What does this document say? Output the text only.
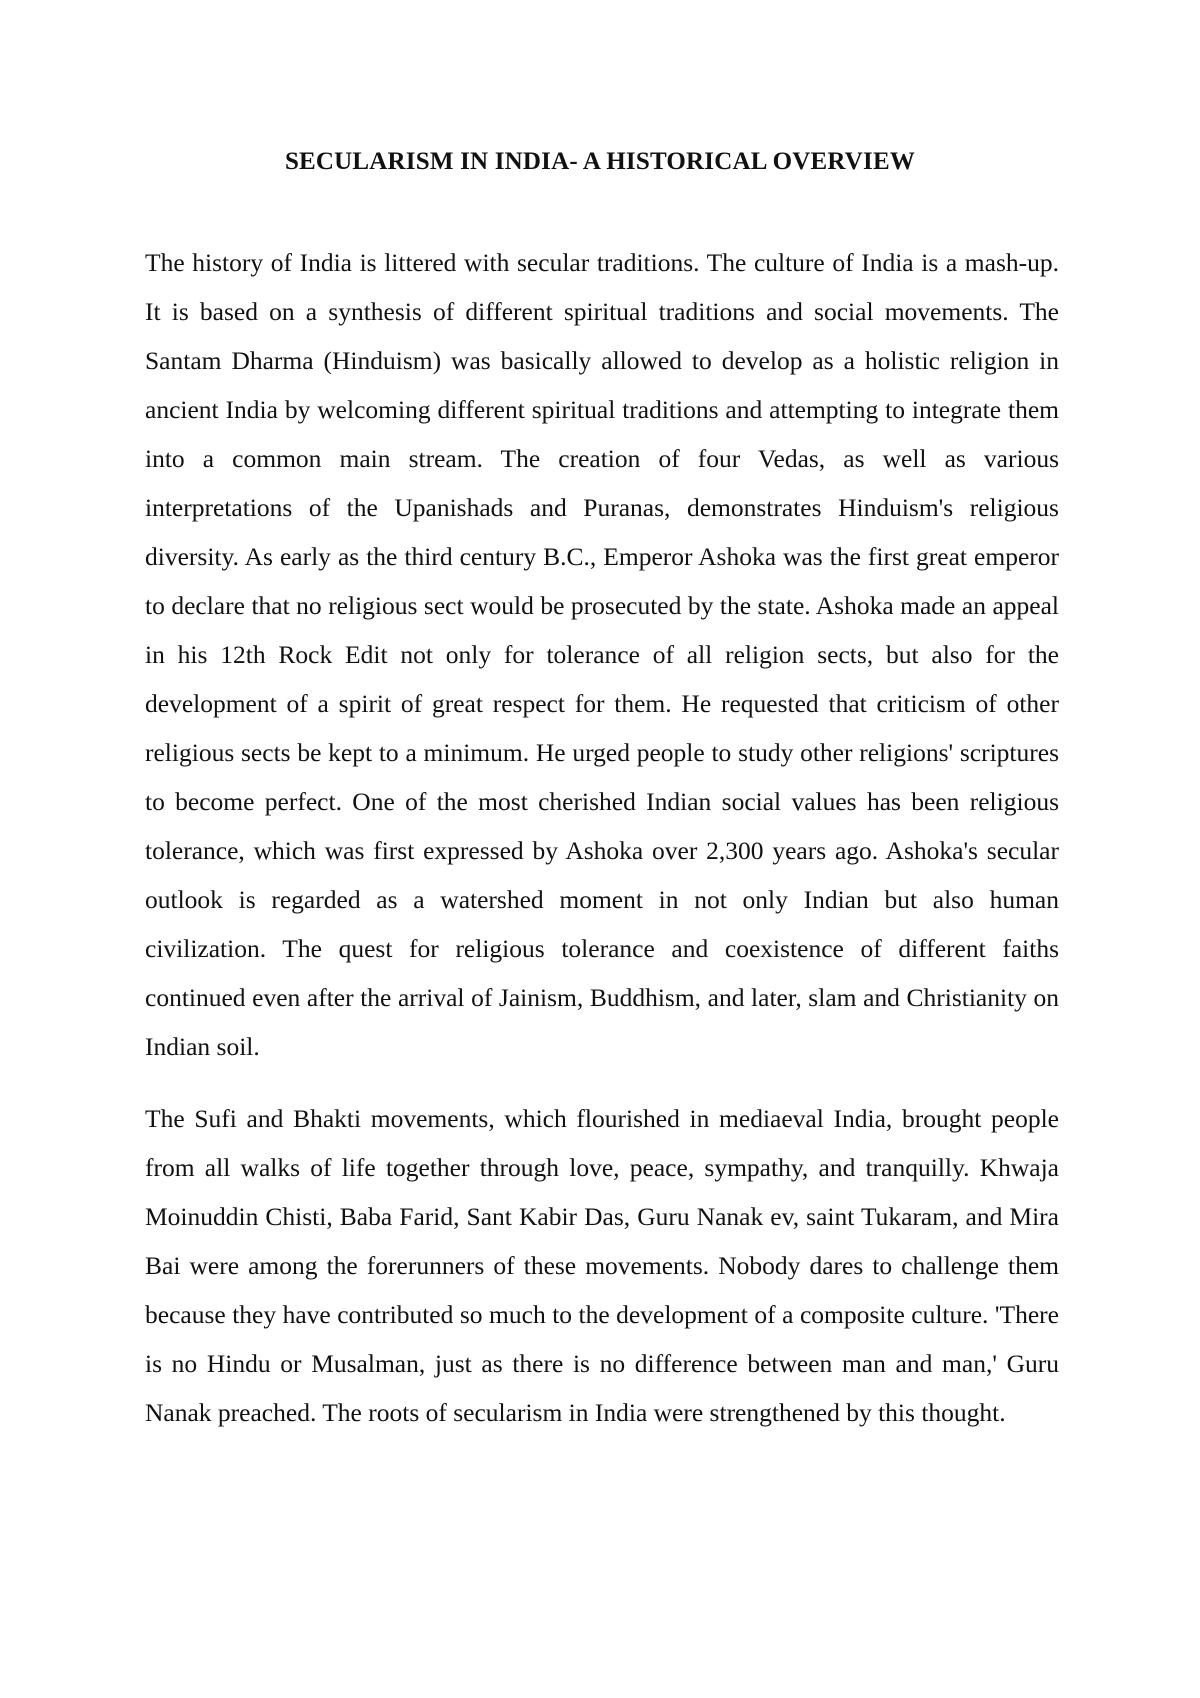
SECULARISM IN INDIA- A HISTORICAL OVERVIEW

The history of India is littered with secular traditions. The culture of India is a mash-up. It is based on a synthesis of different spiritual traditions and social movements. The Santam Dharma (Hinduism) was basically allowed to develop as a holistic religion in ancient India by welcoming different spiritual traditions and attempting to integrate them into a common main stream. The creation of four Vedas, as well as various interpretations of the Upanishads and Puranas, demonstrates Hinduism's religious diversity. As early as the third century B.C., Emperor Ashoka was the first great emperor to declare that no religious sect would be prosecuted by the state. Ashoka made an appeal in his 12th Rock Edit not only for tolerance of all religion sects, but also for the development of a spirit of great respect for them. He requested that criticism of other religious sects be kept to a minimum. He urged people to study other religions' scriptures to become perfect. One of the most cherished Indian social values has been religious tolerance, which was first expressed by Ashoka over 2,300 years ago. Ashoka's secular outlook is regarded as a watershed moment in not only Indian but also human civilization. The quest for religious tolerance and coexistence of different faiths continued even after the arrival of Jainism, Buddhism, and later, slam and Christianity on Indian soil.

The Sufi and Bhakti movements, which flourished in mediaeval India, brought people from all walks of life together through love, peace, sympathy, and tranquilly. Khwaja Moinuddin Chisti, Baba Farid, Sant Kabir Das, Guru Nanak ev, saint Tukaram, and Mira Bai were among the forerunners of these movements. Nobody dares to challenge them because they have contributed so much to the development of a composite culture. 'There is no Hindu or Musalman, just as there is no difference between man and man,' Guru Nanak preached. The roots of secularism in India were strengthened by this thought.
